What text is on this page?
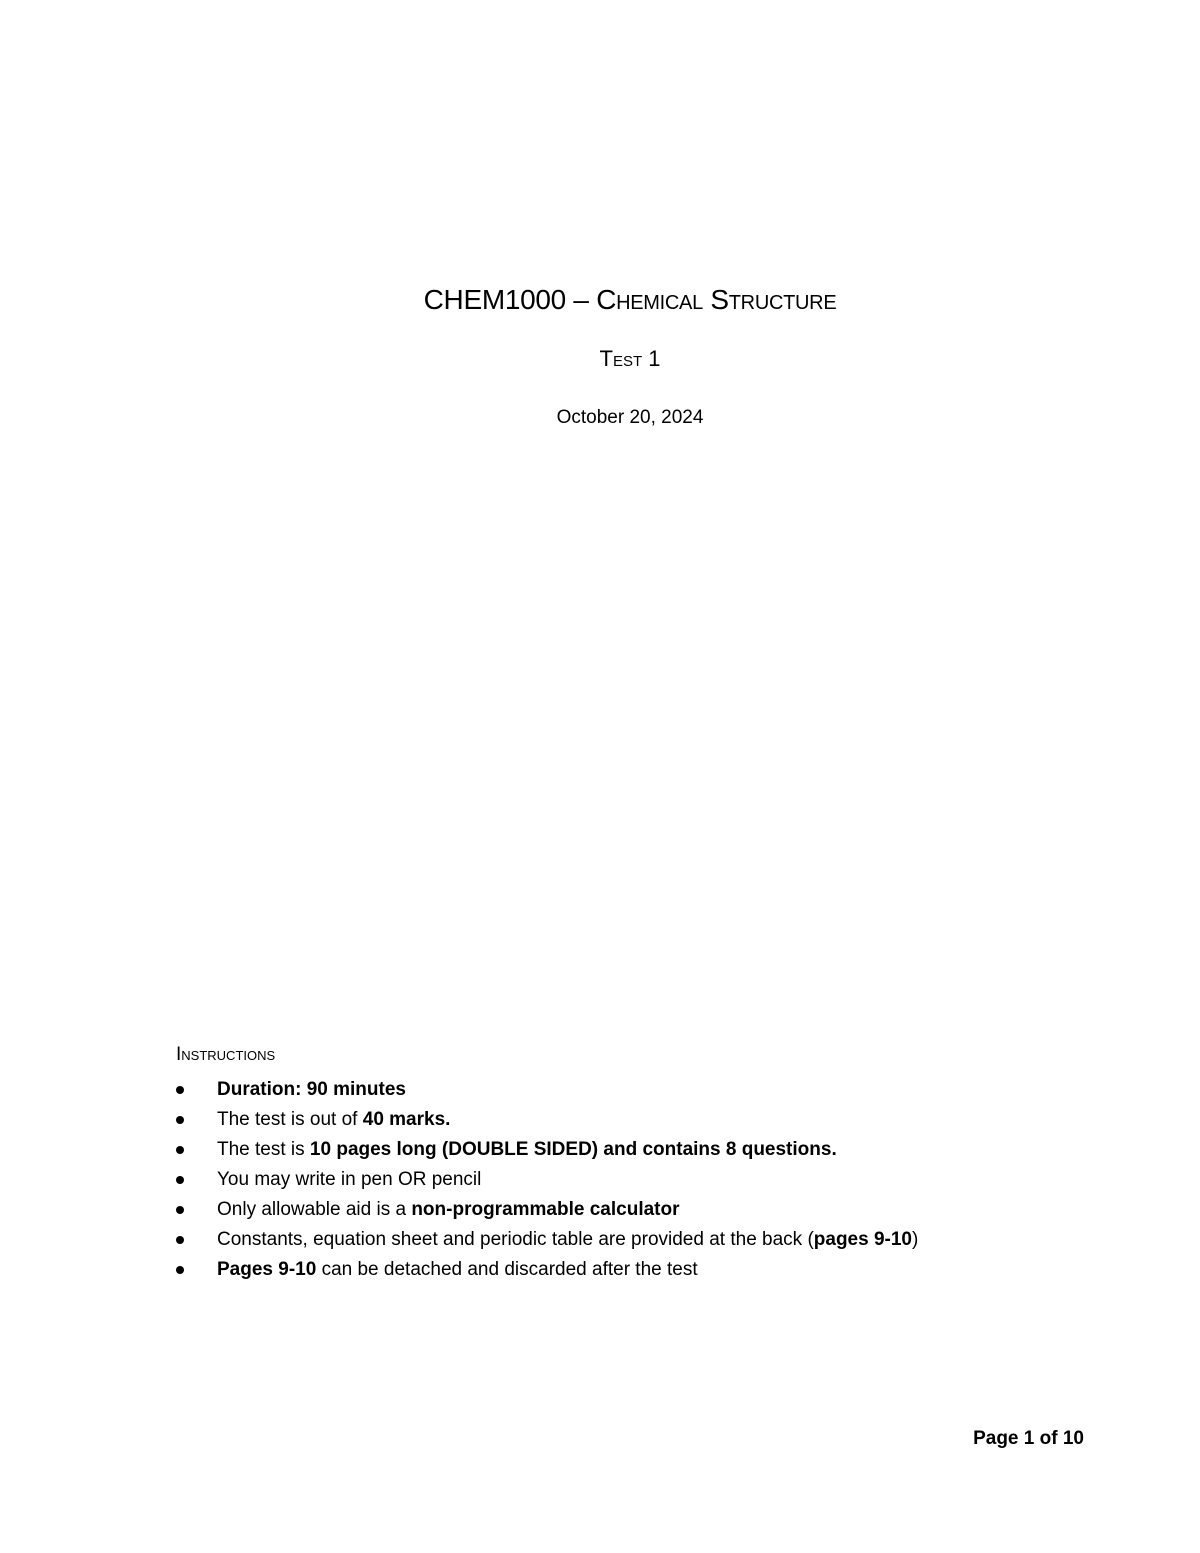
CHEM1000 – Chemical Structure
Test 1
October 20, 2024
Instructions
Duration: 90 minutes
The test is out of 40 marks.
The test is 10 pages long (DOUBLE SIDED) and contains 8 questions.
You may write in pen OR pencil
Only allowable aid is a non-programmable calculator
Constants, equation sheet and periodic table are provided at the back (pages 9-10)
Pages 9-10 can be detached and discarded after the test
Page 1 of 10
